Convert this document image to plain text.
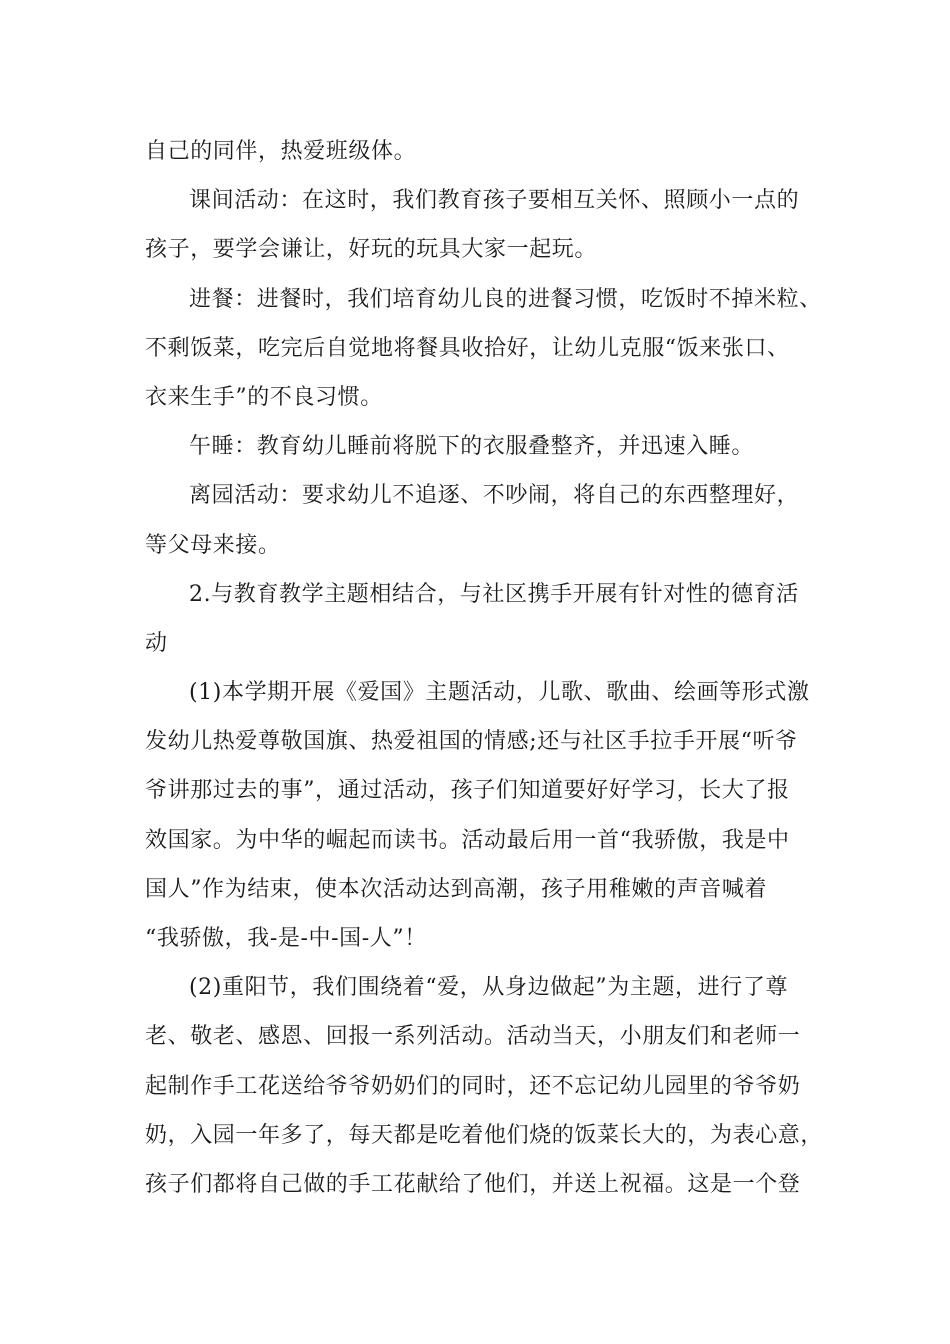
自己的同伴，热爱班级体。
课间活动：在这时，我们教育孩子要相互关怀、照顾小一点的
孩子，要学会谦让，好玩的玩具大家一起玩。
进餐：进餐时，我们培育幼儿良的进餐习惯，吃饭时不掉米粒、
不剩饭菜，吃完后自觉地将餐具收拾好，让幼儿克服“饭来张口、
衣来生手”的不良习惯。
午睡：教育幼儿睡前将脱下的衣服叠整齐，并迅速入睡。
离园活动：要求幼儿不追逐、不吵闹，将自己的东西整理好，
等父母来接。
2.与教育教学主题相结合，与社区携手开展有针对性的德育活
动
(1)本学期开展《爱国》主题活动，儿歌、歌曲、绘画等形式激
发幼儿热爱尊敬国旗、热爱祖国的情感;还与社区手拉手开展“听爷
爷讲那过去的事”，通过活动，孩子们知道要好好学习，长大了报
效国家。为中华的崛起而读书。活动最后用一首“我骄傲，我是中
国人”作为结束，使本次活动达到高潮，孩子用稚嫩的声音喊着
“我骄傲，我-是-中-国-人”！
(2)重阳节，我们围绕着“爱，从身边做起”为主题，进行了尊
老、敬老、感恩、回报一系列活动。活动当天，小朋友们和老师一
起制作手工花送给爷爷奶奶们的同时，还不忘记幼儿园里的爷爷奶
奶，入园一年多了，每天都是吃着他们烧的饭菜长大的，为表心意，
孩子们都将自己做的手工花献给了他们，并送上祝福。这是一个登
